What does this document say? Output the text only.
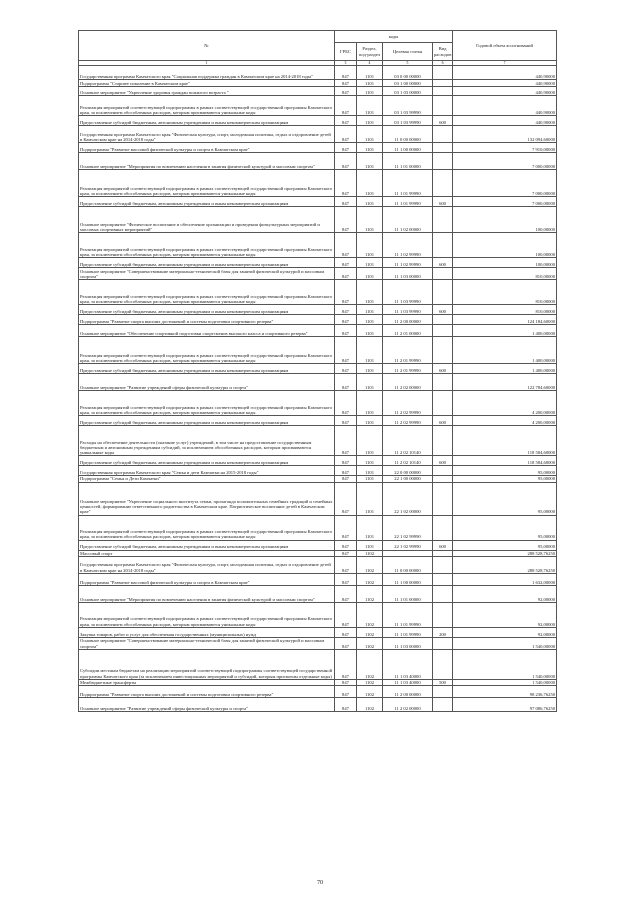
№	коды				Годовой объем ассигнований
	ГРБС	Раздел, под-раздел	Целевая статья	Вид расходов	
1	3	4	5	6	7
Государственная программа Камчатского края "Социальная поддержка граждан в Камчатском крае на 2014-2018 годы"	847	1101	03 0 00 00000		440,90000
Подпрограмма "Старшее поколение в Камчатском крае"	847	1101	03 1 00 00000		440,90000
Основное мероприятие "Укрепление здоровья граждан пожилого возраста "	847	1101	03 1 03 00000		440,90000
Реализация мероприятий соответствующей подпрограммы в рамках соответствующей государственной программы Камчатского края, за исключением обособленных расходов, которым присваиваются уникальные коды	847	1101	03 1 03 99990		440,90000
Предоставление субсидий бюджетным, автономным учреждениям и иным некоммерческим организациям	847	1101	03 1 03 99990	600	440,90000
Государственная программа Камчатского края "Физическая культура, спорт, молодежная политика, отдых и оздоровление детей в Камчатском крае на 2014-2018 годы"	847	1101	11 0 00 00000		132 094,60000
Подпрограмма "Развитие массовой физической культуры и спорта в Камчатском крае"	847	1101	11 1 00 00000		7 910,00000
Основное мероприятие "Мероприятия по вовлечению населения в занятия физической культурой и массовым спортом"	847	1101	11 1 01 00000		7 000,00000
Реализация мероприятий соответствующей подпрограммы в рамках соответствующей государственной программы Камчатского края, за исключением обособленных расходов, которым присваиваются уникальные коды	847	1101	11 1 01 99990		7 000,00000
Предоставление субсидий бюджетным, автономным учреждениям и иным некоммерческим организациям	847	1101	11 1 01 99990	600	7 000,00000
Основное мероприятие "Физическое воспитание и обеспечение организации и проведения физкультурных мероприятий и массовых спортивных мероприятий"	847	1101	11 1 02 00000		100,00000
Реализация мероприятий соответствующей подпрограммы в рамках соответствующей государственной программы Камчатского края, за исключением обособленных расходов, которым присваиваются уникальные коды	847	1101	11 1 02 99990		100,00000
Предоставление субсидий бюджетным, автономным учреждениям и иным некоммерческим организациям	847	1101	11 1 02 99990	600	100,00000
Основное мероприятие "Совершенствование материально-технической базы для занятий физической культурой и массовым спортом"	847	1101	11 1 03 00000		810,00000
Реализация мероприятий соответствующей подпрограммы в рамках соответствующей государственной программы Камчатского края, за исключением обособленных расходов, которым присваиваются уникальные коды	847	1101	11 1 03 99990		810,00000
Предоставление субсидий бюджетным, автономным учреждениям и иным некоммерческим организациям	847	1101	11 1 03 99990	600	810,00000
Подпрограмма "Развитие спорта высших достижений и системы подготовки спортивного резерва"	847	1101	11 2 00 00000		124 184,60000
Основное мероприятие "Обеспечение спортивной подготовки спортсменов высокого класса и спортивного резерва"	847	1101	11 2 01 00000		1 400,00000
Реализация мероприятий соответствующей подпрограммы в рамках соответствующей государственной программы Камчатского края, за исключением обособленных расходов, которым присваиваются уникальные коды	847	1101	11 2 01 99990		1 400,00000
Предоставление субсидий бюджетным, автономным учреждениям и иным некоммерческим организациям	847	1101	11 2 01 99990	600	1 400,00000
Основное мероприятие "Развитие учреждений сферы физической культуры и спорта"	847	1101	11 2 02 00000		122 784,60000
Реализация мероприятий соответствующей подпрограммы в рамках соответствующей государственной программы Камчатского края, за исключением обособленных расходов, которым присваиваются уникальные коды	847	1101	11 2 02 99990		4 200,00000
Предоставление субсидий бюджетным, автономным учреждениям и иным некоммерческим организациям	847	1101	11 2 02 99990	600	4 200,00000
Расходы на обеспечение деятельности (оказание услуг) учреждений, в том числе на предоставление государственным бюджетным и автономным учреждениям субсидий, за исключением обособленных расходов, которым присваиваются уникальные коды	847	1101	11 2 02 10140		118 584,60000
Предоставление субсидий бюджетным, автономным учреждениям и иным некоммерческим организациям	847	1101	11 2 02 10140	600	118 584,60000
Государственная программа Камчатского края "Семья и дети Камчатки на 2015-2018 годы"	847	1101	22 0 00 00000		95,00000
Подпрограмма "Семья и Дети Камчатки"	847	1101	22 1 00 00000		95,00000
Основное мероприятие "Укрепление социального института семьи, пропаганда положительных семейных традиций и семейных ценностей, формирование ответственного родительства в Камчатском крае. Патриотическое воспитание детей в Камчатском крае"	847	1101	22 1 02 00000		95,00000
Реализация мероприятий соответствующей подпрограммы в рамках соответствующей государственной программы Камчатского края, за исключением обособленных расходов, которым присваиваются уникальные коды	847	1101	22 1 02 99990		95,00000
Предоставление субсидий бюджетным, автономным учреждениям и иным некоммерческим организациям	847	1101	22 1 02 99990	600	95,00000
Массовый спорт	847	1102			288 528,76250
Государственная программа Камчатского края "Физическая культура, спорт, молодежная политика, отдых и оздоровление детей в Камчатском крае на 2014-2018 годы"	847	1102	11 0 00 00000		288 528,76250
Подпрограмма "Развитие массовой физической культуры и спорта в Камчатском крае"	847	1102	11 1 00 00000		1 632,00000
Основное мероприятие "Мероприятия по вовлечению населения в занятия физической культурой и массовым спортом"	847	1102	11 1 01 00000		92,00000
Реализация мероприятий соответствующей подпрограммы в рамках соответствующей государственной программы Камчатского края, за исключением обособленных расходов, которым присваиваются уникальные коды	847	1102	11 1 01 99990		92,00000
Закупка товаров, работ и услуг для обеспечения государственных (муниципальных) нужд	847	1102	11 1 01 99990	200	92,00000
Основное мероприятие "Совершенствование материально-технической базы для занятий физической культурой и массовым спортом"	847	1102	11 1 03 00000		1 540,00000
Субсидии местным бюджетам на реализацию мероприятий соответствующей подпрограммы соответствующей государственной программы Камчатского края (за исключением инвестиционных мероприятий и субсидий, которым присвоены отдельные коды)	847	1102	11 1 03 40000		1 540,00000
Межбюджетные трансферты	847	1102	11 1 03 40000	500	1 540,00000
Подпрограмма "Развитие спорта высших достижений и системы подготовки спортивного резерва"	847	1102	11 2 00 00000		98 236,76250
Основное мероприятие "Развитие учреждений сферы физической культуры и спорта"	847	1102	11 2 02 00000		97 086,76250
70
